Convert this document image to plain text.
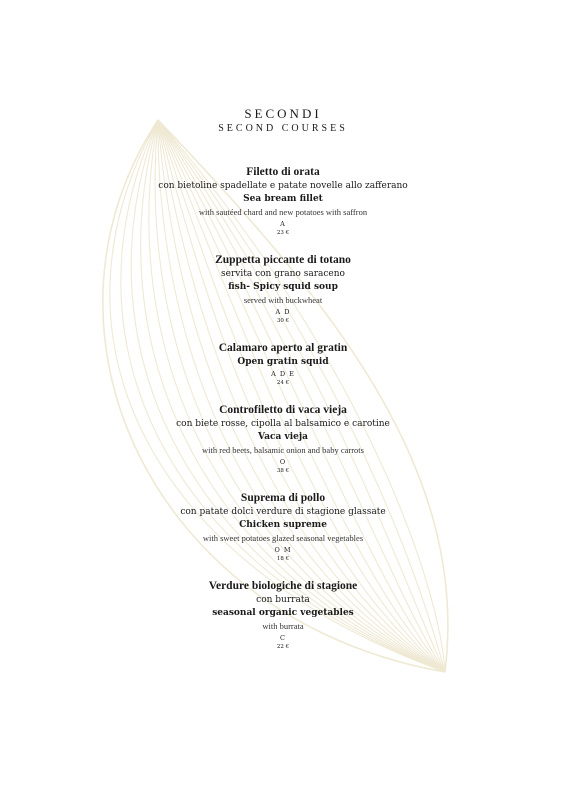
SECONDI
SECOND COURSES
Filetto di orata
con bietoline spadellate e patate novelle allo zafferano
Sea bream fillet
with sautéed chard and new potatoes with saffron
A
23 €
Zuppetta piccante di totano
servita con grano saraceno
fish- Spicy squid soup
served with buckwheat
A D
30 €
Calamaro aperto al gratin
Open gratin squid
A D E
24 €
Controfiletto di vaca vieja
con biete rosse, cipolla al balsamico e carotine
Vaca vieja
with red beets, balsamic onion and baby carrots
O
38 €
Suprema di pollo
con patate dolci verdure di stagione glassate
Chicken supreme
with sweet potatoes glazed seasonal vegetables
O M
18 €
Verdure biologiche di stagione
con burrata
seasonal organic vegetables
with burrata
C
22 €
